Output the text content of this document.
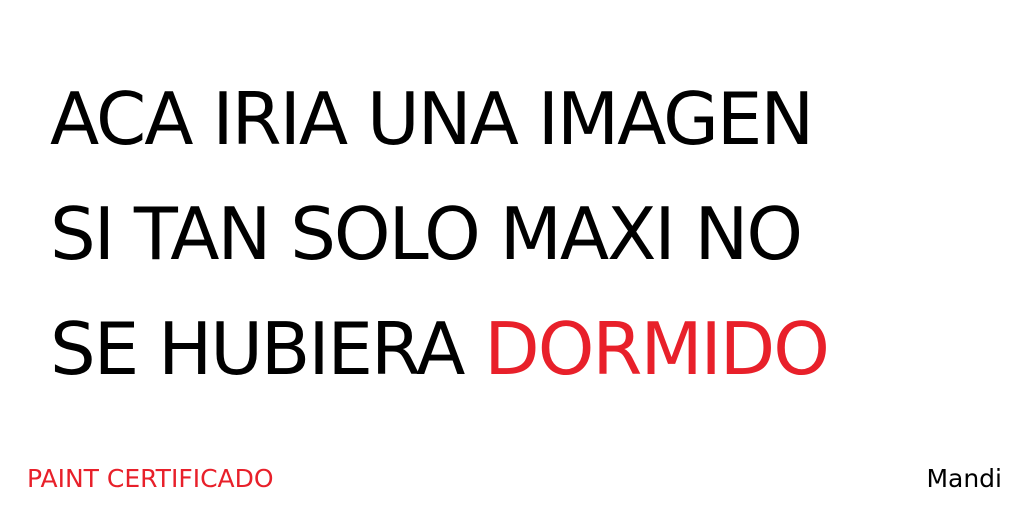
ACA IRIA UNA IMAGEN
SI TAN SOLO MAXI NO
SE HUBIERA DORMIDO
PAINT CERTIFICADO	Mandi
